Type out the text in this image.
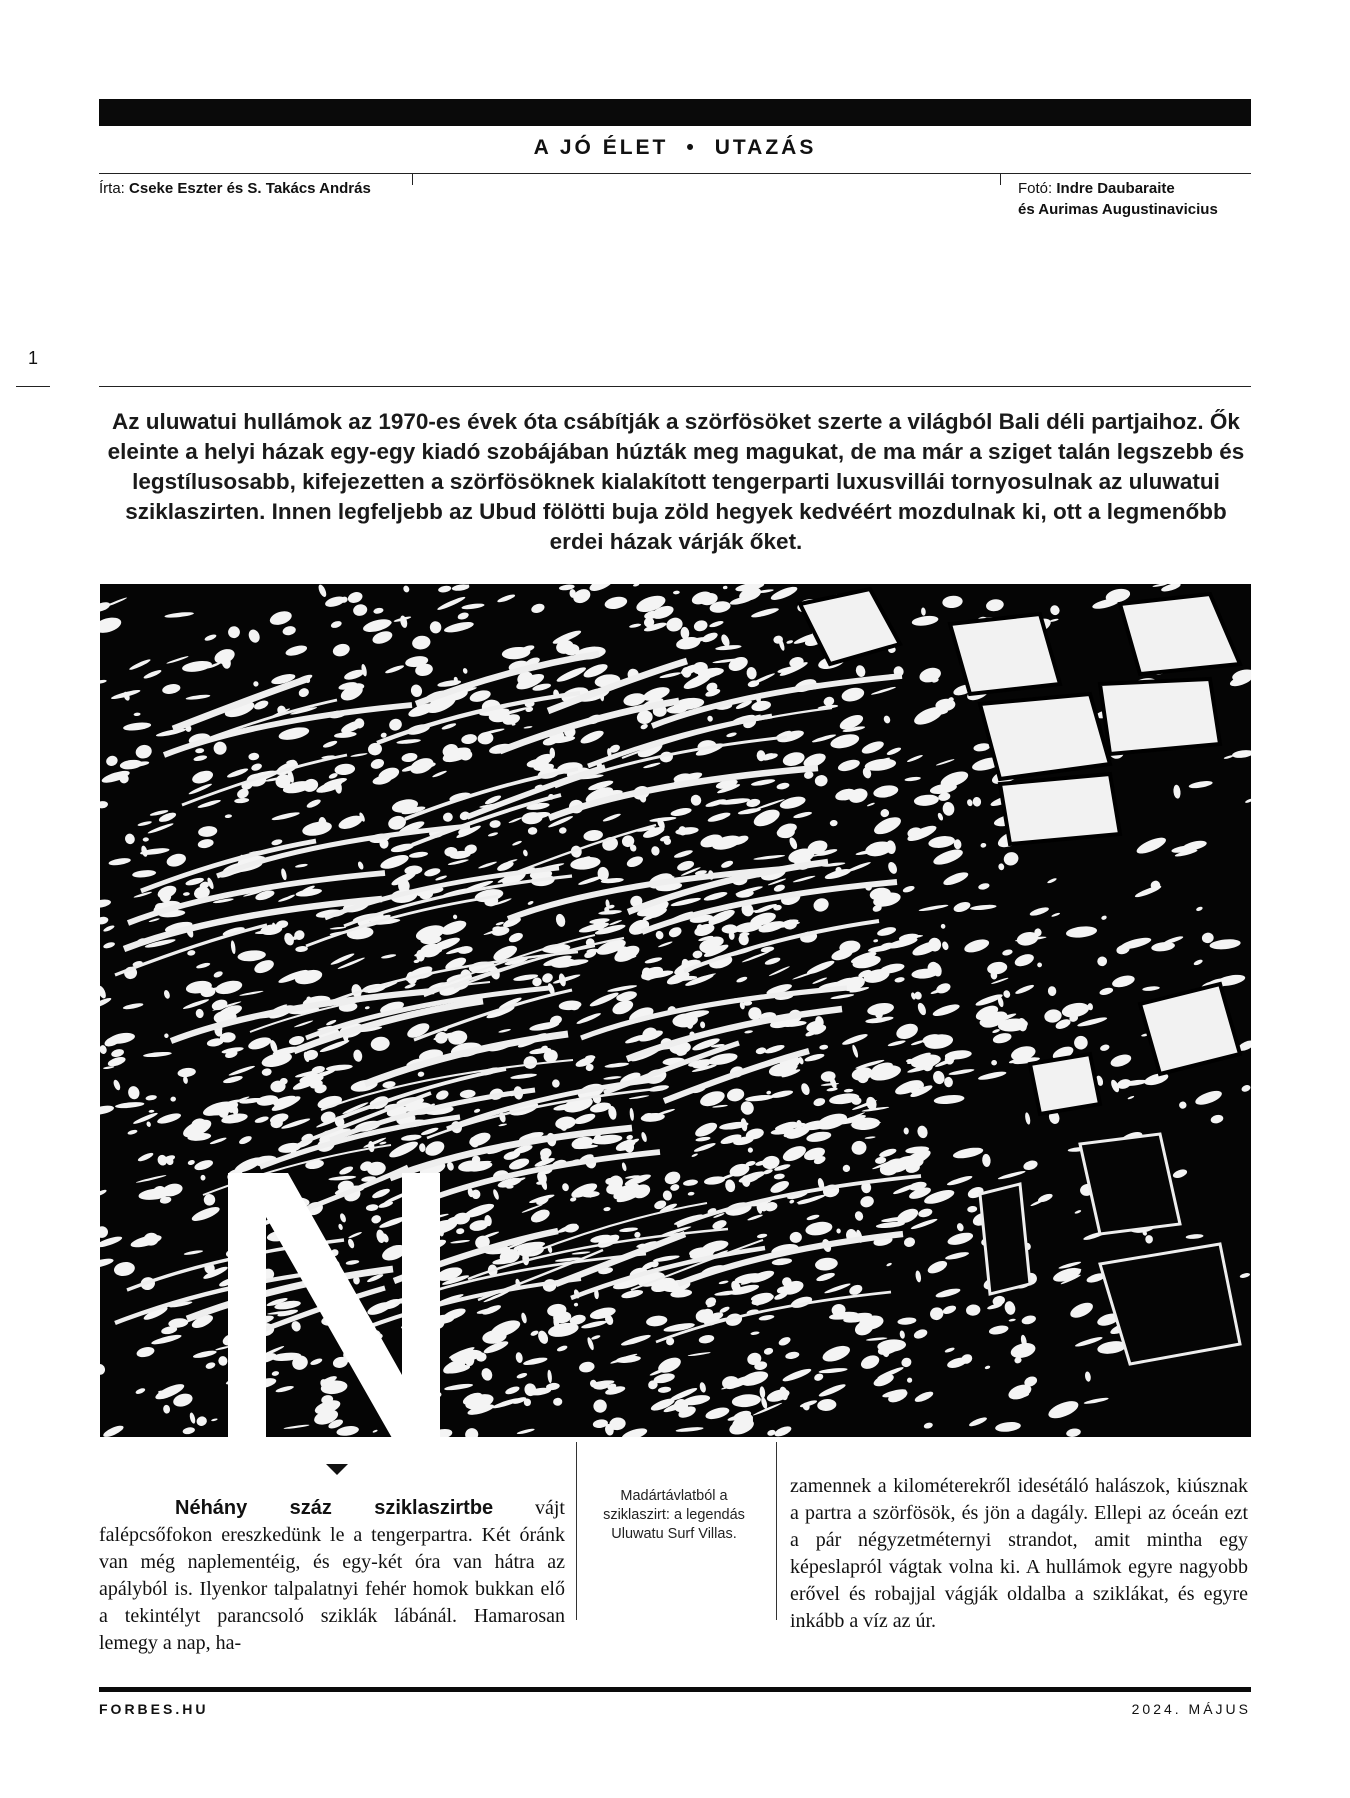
A JÓ ÉLET • UTAZÁS
Írta: Cseke Eszter és S. Takács András	Fotó: Indre Daubaraite
és Aurimas Augustinavicius
1
Az uluwatui hullámok az 1970-es évek óta csábítják a szörfösöket szerte a világból Bali déli partjaihoz. Ők eleinte a helyi házak egy-egy kiadó szobájában húzták meg magukat, de ma már a sziget talán legszebb és legstílusosabb, kifejezetten a szörfösöknek kialakított tengerparti luxusvillái tornyosulnak az uluwatui sziklaszirten. Innen legfeljebb az Ubud fölötti buja zöld hegyek kedvéért mozdulnak ki, ott a legmenőbb erdei házak várják őket.
Néhány száz sziklaszirtbe vájt falépcsőfokon ereszkedünk le a tengerpartra. Két óránk van még naplementéig, és egy-két óra van hátra az apályból is. Ilyenkor talpalatnyi fehér homok bukkan elő a tekintélyt parancsoló sziklák lábánál. Hamarosan lemegy a nap, ha-
Madártávlatból a sziklaszirt: a legendás Uluwatu Surf Villas.
zamennek a kilométerekről idesétáló halászok, kiúsznak a partra a szörfösök, és jön a dagály. Ellepi az óceán ezt a pár négyzetméternyi strandot, amit mintha egy képeslapról vágtak volna ki. A hullámok egyre nagyobb erővel és robajjal vágják oldalba a sziklákat, és egyre inkább a víz az úr.
FORBES.HU	2024. MÁJUS
